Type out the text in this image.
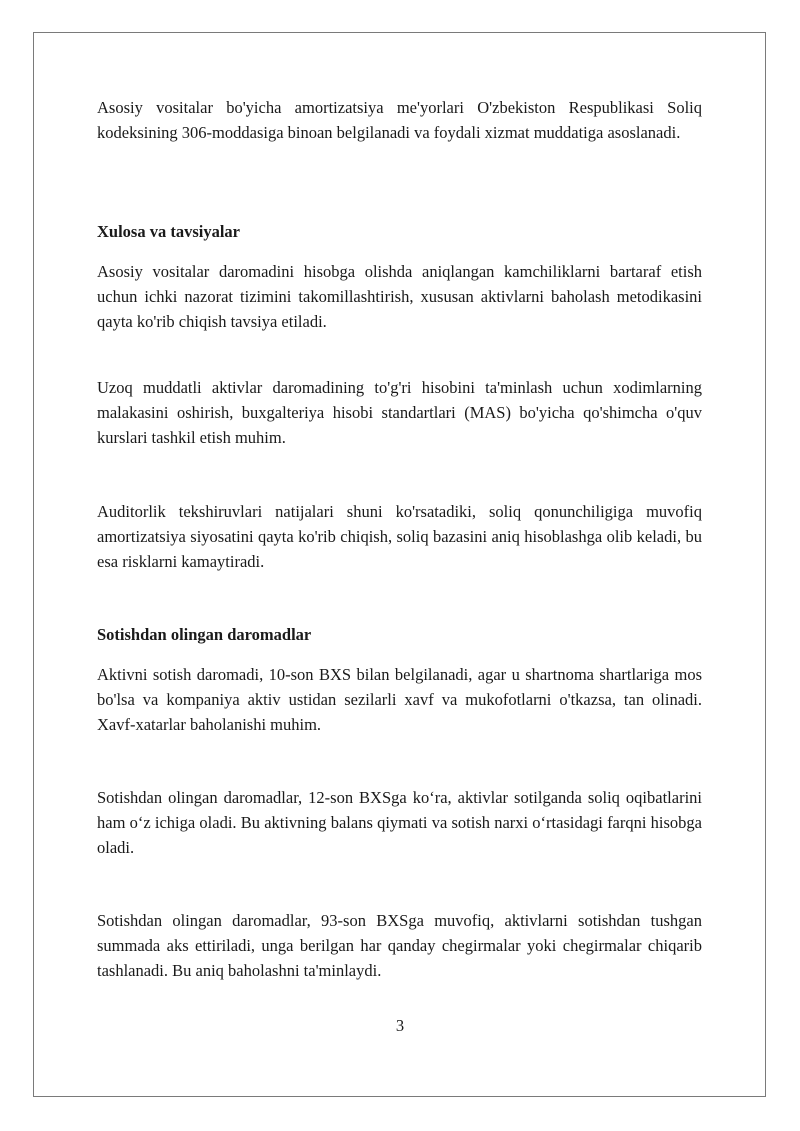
Asosiy vositalar bo'yicha amortizatsiya me'yorlari O'zbekiston Respublikasi Soliq kodeksining 306-moddasiga binoan belgilanadi va foydali xizmat muddatiga asoslanadi.

Xulosa va tavsiyalar

Asosiy vositalar daromadini hisobga olishda aniqlangan kamchiliklarni bartaraf etish uchun ichki nazorat tizimini takomillashtirish, xususan aktivlarni baholash metodikasini qayta ko'rib chiqish tavsiya etiladi.

Uzoq muddatli aktivlar daromadining to'g'ri hisobini ta'minlash uchun xodimlarning malakasini oshirish, buxgalteriya hisobi standartlari (MAS) bo'yicha qo'shimcha o'quv kurslari tashkil etish muhim.

Auditorlik tekshiruvlari natijalari shuni ko'rsatadiki, soliq qonunchiligiga muvofiq amortizatsiya siyosatini qayta ko'rib chiqish, soliq bazasini aniq hisoblashga olib keladi, bu esa risklarni kamaytiradi.

Sotishdan olingan daromadlar

Aktivni sotish daromadi, 10-son BXS bilan belgilanadi, agar u shartnoma shartlariga mos bo'lsa va kompaniya aktiv ustidan sezilarli xavf va mukofotlarni o'tkazsa, tan olinadi. Xavf-xatarlar baholanishi muhim.

Sotishdan olingan daromadlar, 12-son BXSga ko‘ra, aktivlar sotilganda soliq oqibatlarini ham o‘z ichiga oladi. Bu aktivning balans qiymati va sotish narxi o‘rtasidagi farqni hisobga oladi.

Sotishdan olingan daromadlar, 93-son BXSga muvofiq, aktivlarni sotishdan tushgan summada aks ettiriladi, unga berilgan har qanday chegirmalar yoki chegirmalar chiqarib tashlanadi. Bu aniq baholashni ta'minlaydi.

3
